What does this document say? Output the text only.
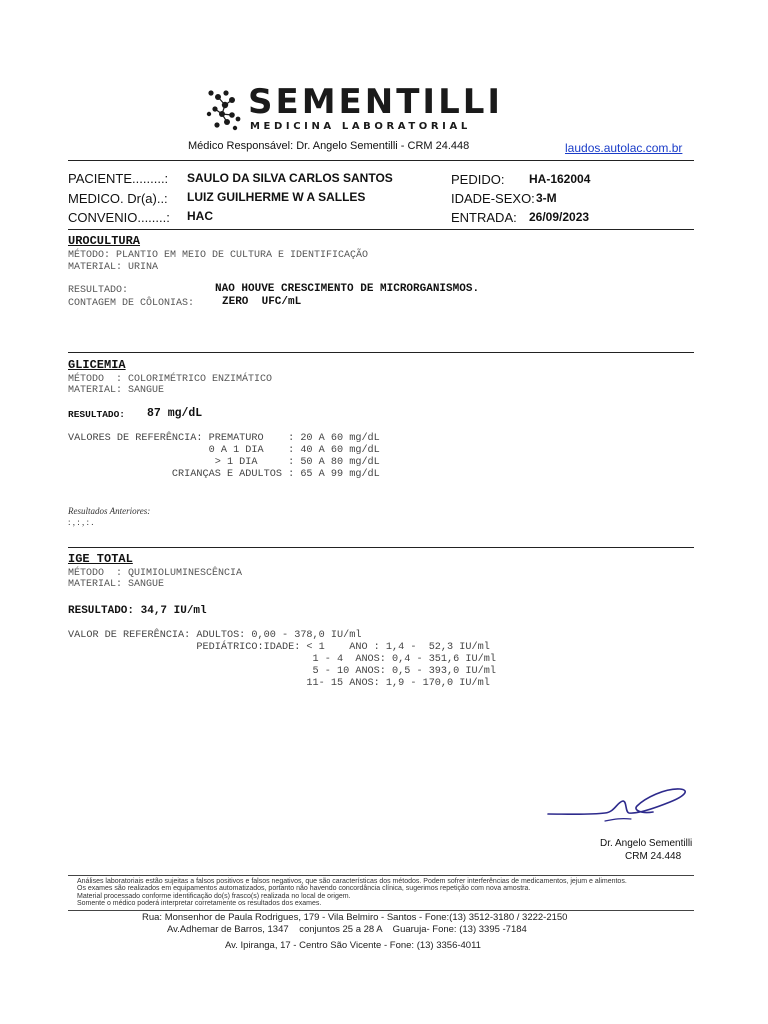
SEMENTILLI
MEDICINA LABORATORIAL
Médico Responsável: Dr. Angelo Sementilli - CRM 24.448	laudos.autolac.com.br
PACIENTE.........: SAULO DA SILVA CARLOS SANTOS
MEDICO. Dr(a)..: LUIZ GUILHERME W A SALLES
CONVENIO........: HAC
PEDIDO: HA-162004
IDADE-SEXO: 3-M
ENTRADA: 26/09/2023
UROCULTURA
MÉTODO: PLANTIO EM MEIO DE CULTURA E IDENTIFICAÇÃO
MATERIAL: URINA
RESULTADO:	NAO HOUVE CRESCIMENTO DE MICRORGANISMOS.
CONTAGEM DE CÔLONIAS:	ZERO  UFC/mL
GLICEMIA
MÉTODO  : COLORIMÉTRICO ENZIMÁTICO
MATERIAL: SANGUE
RESULTADO: 87 mg/dL
VALORES DE REFERÊNCIA: PREMATURO    : 20 A 60 mg/dL
0 A 1 DIA    : 40 A 60 mg/dL
> 1 DIA     : 50 A 80 mg/dL
CRIANÇAS E ADULTOS : 65 A 99 mg/dL
Resultados Anteriores:
: , : , : .
IGE TOTAL
MÉTODO  : QUIMIOLUMINESCÊNCIA
MATERIAL: SANGUE
RESULTADO: 34,7 IU/ml
VALOR DE REFERÊNCIA: ADULTOS: 0,00 - 378,0 IU/ml
PEDIÁTRICO:IDADE: < 1    ANO : 1,4 -  52,3 IU/ml
1 - 4  ANOS: 0,4 - 351,6 IU/ml
5 - 10 ANOS: 0,5 - 393,0 IU/ml
11- 15 ANOS: 1,9 - 170,0 IU/ml
Dr. Angelo Sementilli
CRM 24.448
Análises laboratoriais estão sujeitas a falsos positivos e falsos negativos, que são características dos métodos. Podem sofrer interferências de medicamentos, jejum e alimentos.
Os exames são realizados em equipamentos automatizados, portanto não havendo concordância clínica, sugerimos repetição com nova amostra.
Material processado conforme identificação do(s) frasco(s) realizada no local de origem.
Somente o médico poderá interpretar corretamente os resultados dos exames.
Rua: Monsenhor de Paula Rodrigues, 179 - Vila Belmiro - Santos - Fone:(13) 3512-3180 / 3222-2150
Av.Adhemar de Barros, 1347    conjuntos 25 a 28 A    Guaruja- Fone: (13) 3395 -7184
Av. Ipiranga, 17 - Centro São Vicente - Fone: (13) 3356-4011
